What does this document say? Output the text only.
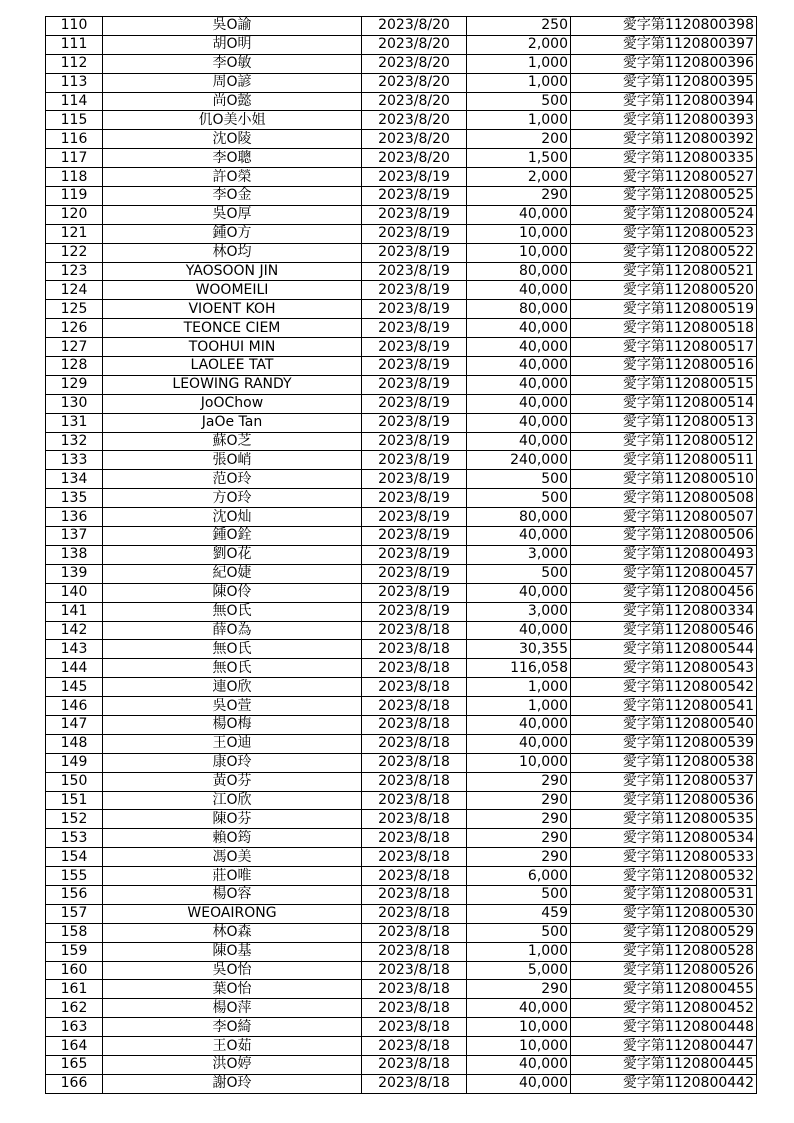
110	吳O諭	2023/8/20	250	愛字第1120800398
111	胡O明	2023/8/20	2,000	愛字第1120800397
112	李O敏	2023/8/20	1,000	愛字第1120800396
113	周O諺	2023/8/20	1,000	愛字第1120800395
114	尚O懿	2023/8/20	500	愛字第1120800394
115	仉O美小姐	2023/8/20	1,000	愛字第1120800393
116	沈O陵	2023/8/20	200	愛字第1120800392
117	李O聰	2023/8/20	1,500	愛字第1120800335
118	許O榮	2023/8/19	2,000	愛字第1120800527
119	李O金	2023/8/19	290	愛字第1120800525
120	吳O厚	2023/8/19	40,000	愛字第1120800524
121	鍾O方	2023/8/19	10,000	愛字第1120800523
122	林O均	2023/8/19	10,000	愛字第1120800522
123	YAOSOON JIN	2023/8/19	80,000	愛字第1120800521
124	WOOMEILI	2023/8/19	40,000	愛字第1120800520
125	VIOENT KOH	2023/8/19	80,000	愛字第1120800519
126	TEONCE CIEM	2023/8/19	40,000	愛字第1120800518
127	TOOHUI MIN	2023/8/19	40,000	愛字第1120800517
128	LAOLEE TAT	2023/8/19	40,000	愛字第1120800516
129	LEOWING RANDY	2023/8/19	40,000	愛字第1120800515
130	JoOChow	2023/8/19	40,000	愛字第1120800514
131	JaOe Tan	2023/8/19	40,000	愛字第1120800513
132	蘇O芝	2023/8/19	40,000	愛字第1120800512
133	張O峭	2023/8/19	240,000	愛字第1120800511
134	范O玲	2023/8/19	500	愛字第1120800510
135	方O玲	2023/8/19	500	愛字第1120800508
136	沈O灿	2023/8/19	80,000	愛字第1120800507
137	鍾O銓	2023/8/19	40,000	愛字第1120800506
138	劉O花	2023/8/19	3,000	愛字第1120800493
139	紀O婕	2023/8/19	500	愛字第1120800457
140	陳O伶	2023/8/19	40,000	愛字第1120800456
141	無O氏	2023/8/19	3,000	愛字第1120800334
142	薛O為	2023/8/18	40,000	愛字第1120800546
143	無O氏	2023/8/18	30,355	愛字第1120800544
144	無O氏	2023/8/18	116,058	愛字第1120800543
145	連O欣	2023/8/18	1,000	愛字第1120800542
146	吳O萱	2023/8/18	1,000	愛字第1120800541
147	楊O梅	2023/8/18	40,000	愛字第1120800540
148	王O迪	2023/8/18	40,000	愛字第1120800539
149	康O玲	2023/8/18	10,000	愛字第1120800538
150	黃O芬	2023/8/18	290	愛字第1120800537
151	江O欣	2023/8/18	290	愛字第1120800536
152	陳O芬	2023/8/18	290	愛字第1120800535
153	賴O筠	2023/8/18	290	愛字第1120800534
154	馮O美	2023/8/18	290	愛字第1120800533
155	莊O唯	2023/8/18	6,000	愛字第1120800532
156	楊O容	2023/8/18	500	愛字第1120800531
157	WEOAIRONG	2023/8/18	459	愛字第1120800530
158	林O森	2023/8/18	500	愛字第1120800529
159	陳O基	2023/8/18	1,000	愛字第1120800528
160	吳O怡	2023/8/18	5,000	愛字第1120800526
161	葉O怡	2023/8/18	290	愛字第1120800455
162	楊O萍	2023/8/18	40,000	愛字第1120800452
163	李O綺	2023/8/18	10,000	愛字第1120800448
164	王O茹	2023/8/18	10,000	愛字第1120800447
165	洪O婷	2023/8/18	40,000	愛字第1120800445
166	謝O玲	2023/8/18	40,000	愛字第1120800442
